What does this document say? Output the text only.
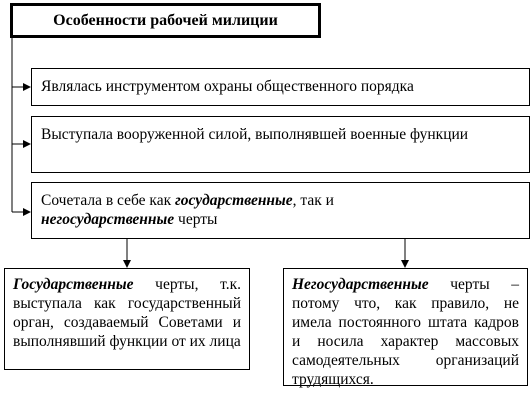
Особенности рабочей милиции
Являлась инструментом охраны общественного порядка
Выступала вооруженной силой, выполнявшей военные функции
Сочетала в себе как государственные, так и
негосударственные черты
Государственные черты, т.к. выступала как государственный орган, создаваемый Советами и выполнявший функции от их лица
Негосударственные черты – потому что, как правило, не имела постоянного штата кадров и носила характер массовых самодеятельных организаций трудящихся.
